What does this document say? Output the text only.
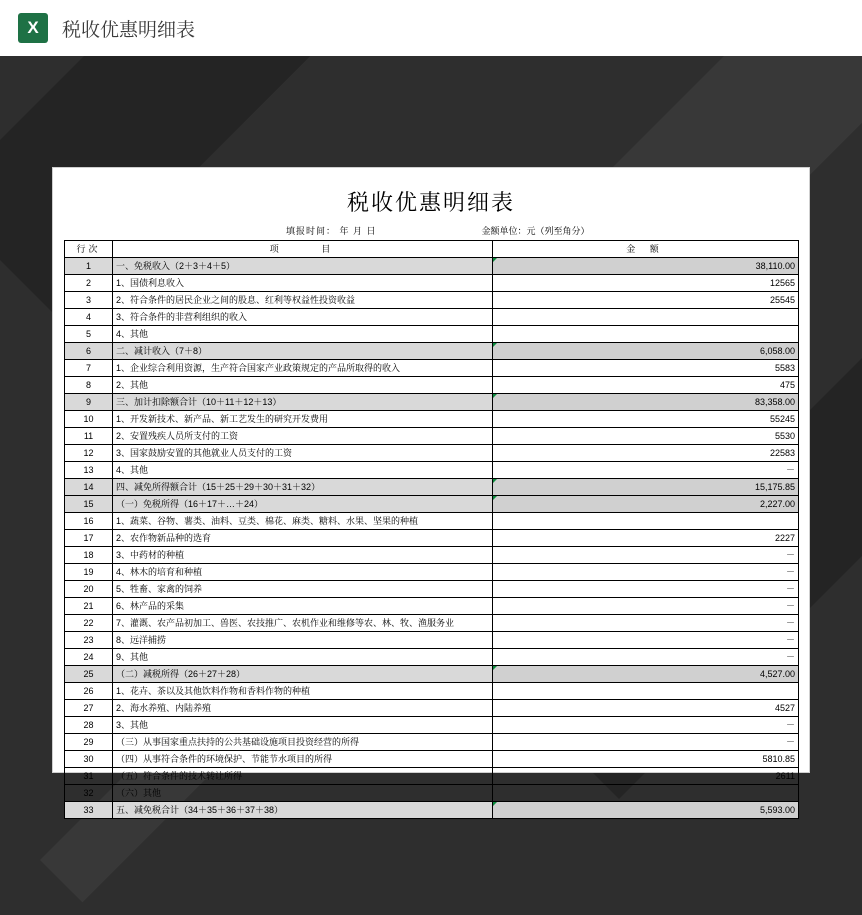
X	税收优惠明细表
税收优惠明细表
填报时间： 年 月 日	金额单位：元（列至角分）
行次	项 目	金 额
1	一、免税收入（2＋3＋4＋5）	38,110.00
2	1、国债利息收入	12565
3	2、符合条件的居民企业之间的股息、红利等权益性投资收益	25545
4	3、符合条件的非营利组织的收入	
5	4、其他	
6	二、减计收入（7＋8）	6,058.00
7	1、企业综合利用资源，生产符合国家产业政策规定的产品所取得的收入	5583
8	2、其他	475
9	三、加计扣除额合计（10＋11＋12＋13）	83,358.00
10	1、开发新技术、新产品、新工艺发生的研究开发费用	55245
11	2、安置残疾人员所支付的工资	5530
12	3、国家鼓励安置的其他就业人员支付的工资	22583
13	4、其他	－
14	四、减免所得额合计（15＋25＋29＋30＋31＋32）	15,175.85
15	（一）免税所得（16＋17＋…＋24）	2,227.00
16	1、蔬菜、谷物、薯类、油料、豆类、棉花、麻类、糖料、水果、坚果的种植	
17	2、农作物新品种的选育	2227
18	3、中药材的种植	－
19	4、林木的培育和种植	－
20	5、牲畜、家禽的饲养	－
21	6、林产品的采集	－
22	7、灌溉、农产品初加工、兽医、农技推广、农机作业和维修等农、林、牧、渔服务业	－
23	8、远洋捕捞	－
24	9、其他	－
25	（二）减税所得（26＋27＋28）	4,527.00
26	1、花卉、茶以及其他饮料作物和香料作物的种植	
27	2、海水养殖、内陆养殖	4527
28	3、其他	－
29	（三）从事国家重点扶持的公共基础设施项目投资经营的所得	－
30	（四）从事符合条件的环境保护、节能节水项目的所得	5810.85
31	（五）符合条件的技术转让所得	2611
32	（六）其他	
33	五、减免税合计（34＋35＋36＋37＋38）	5,593.00
